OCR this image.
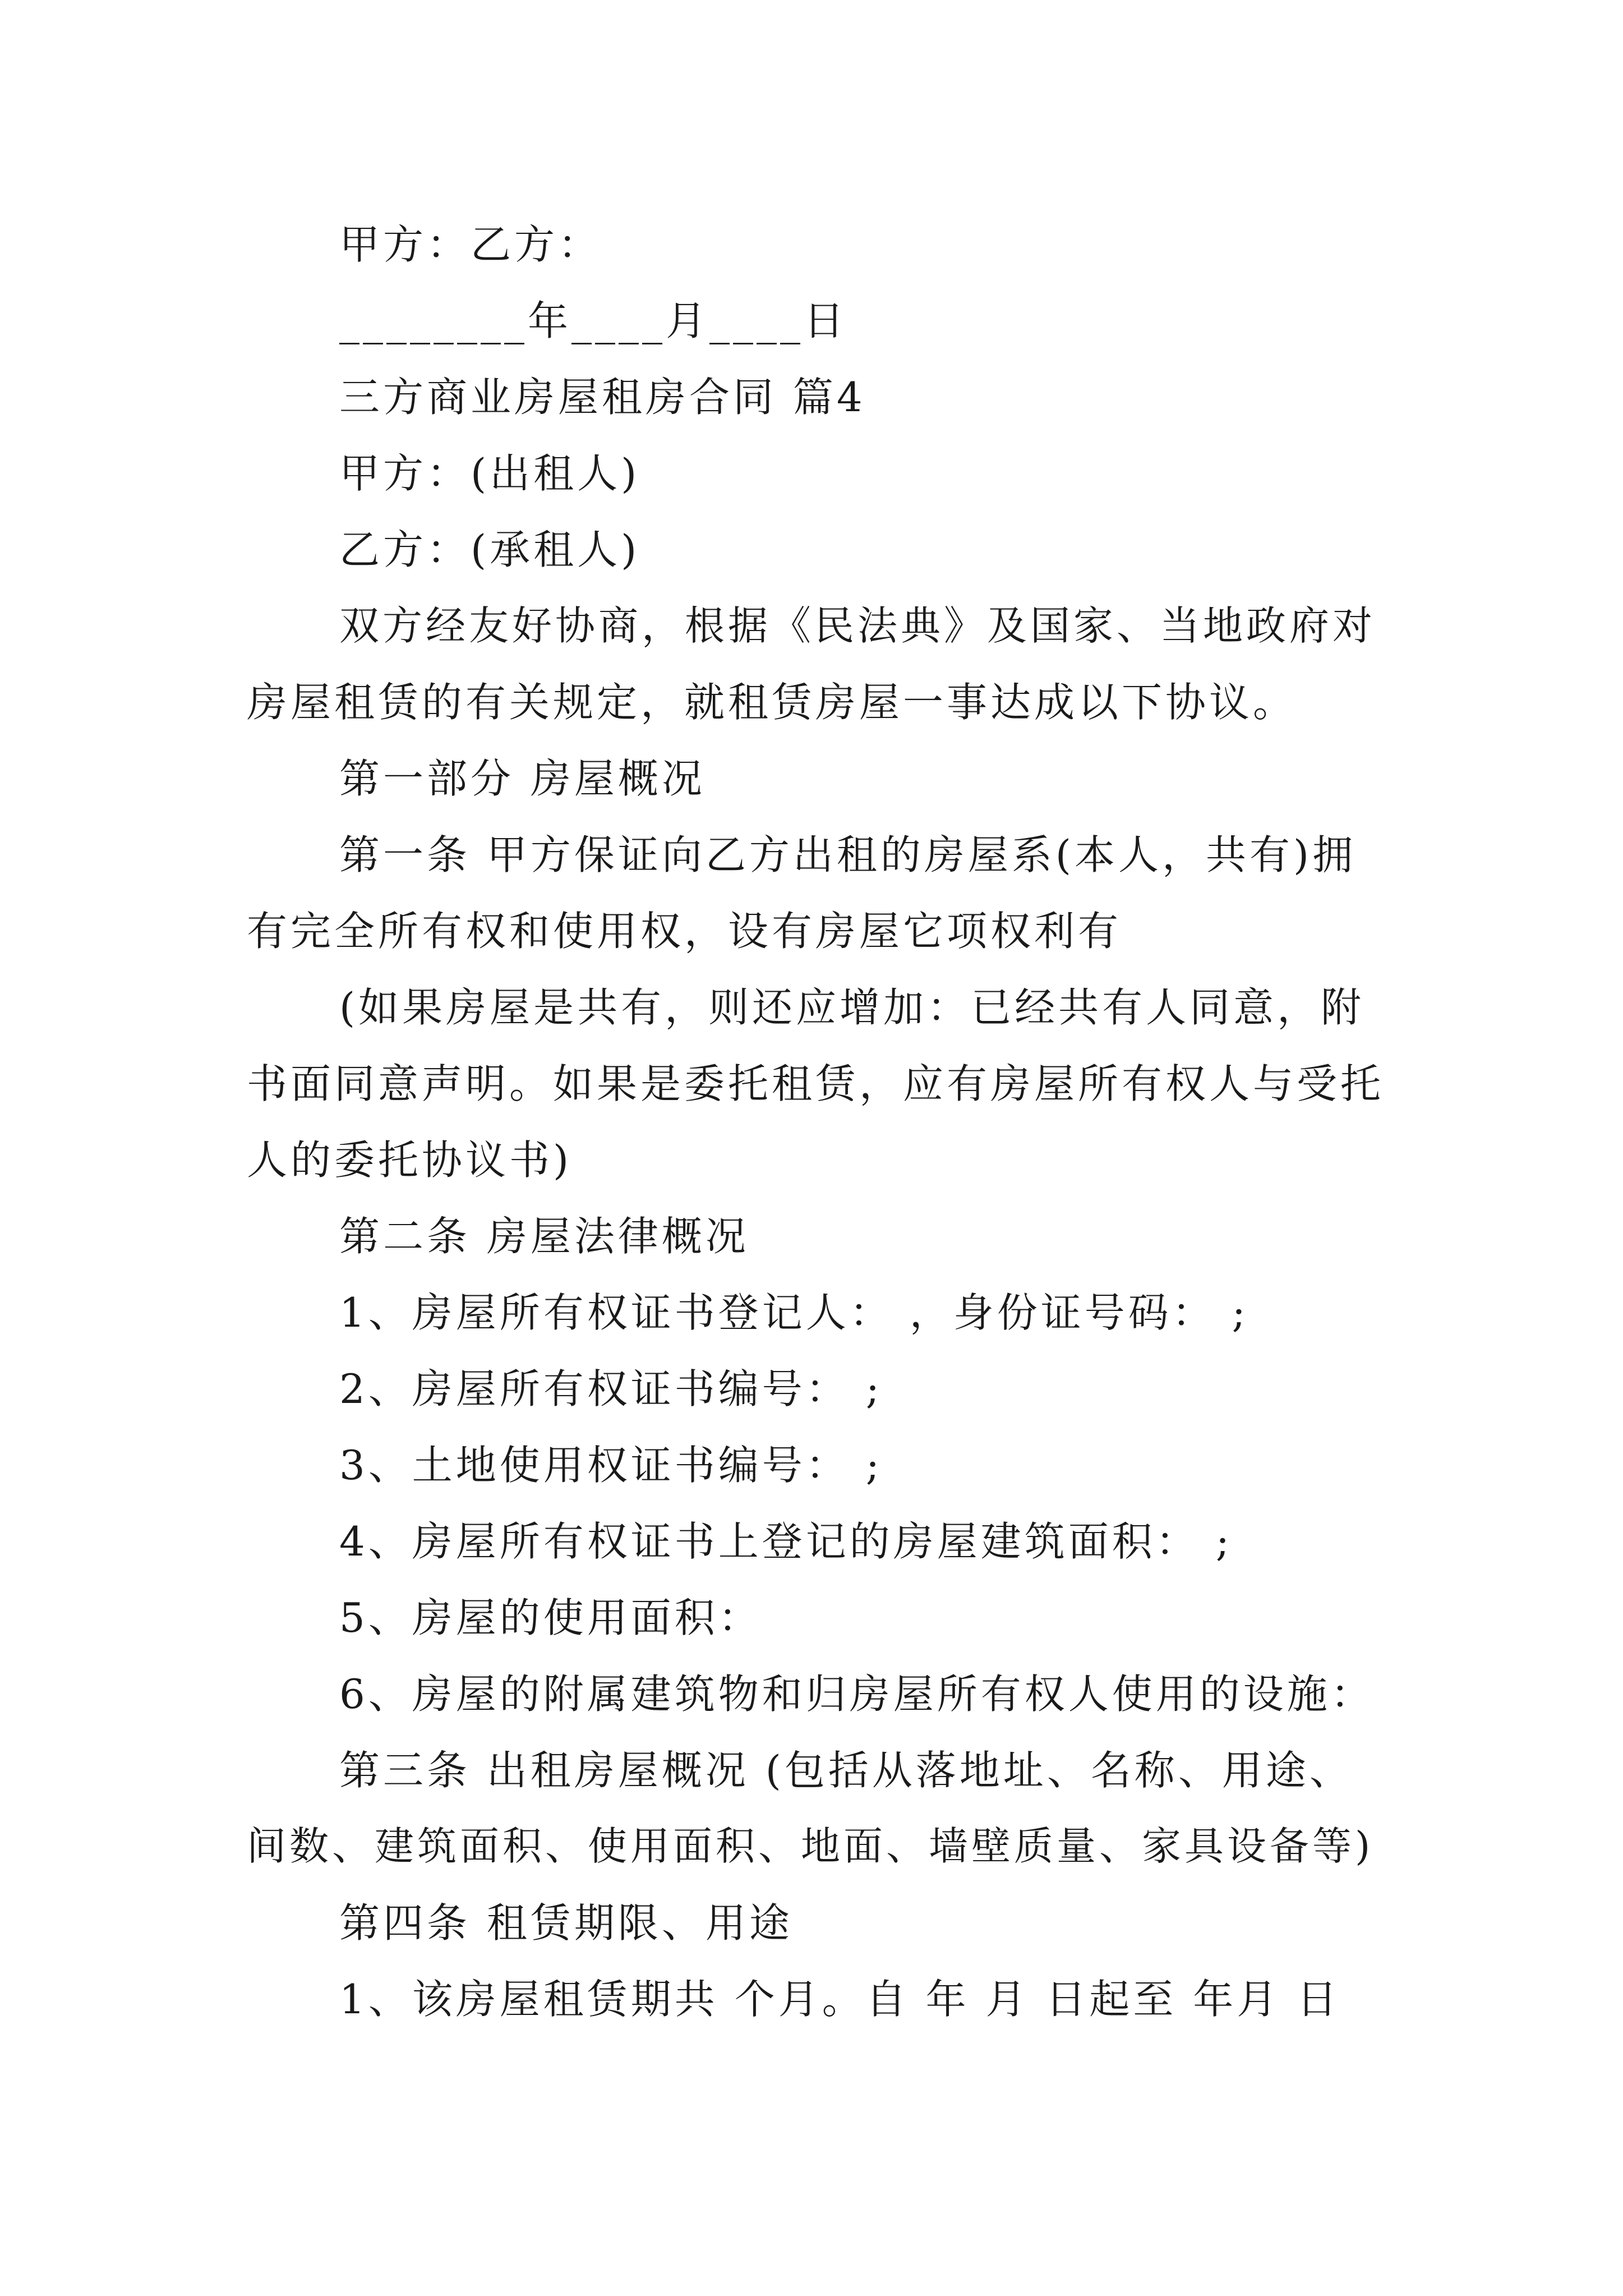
甲方：乙方：
________年____月____日
三方商业房屋租房合同 篇4
甲方：(出租人)
乙方：(承租人)
双方经友好协商，根据《民法典》及国家、当地政府对
房屋租赁的有关规定，就租赁房屋一事达成以下协议。
第一部分 房屋概况
第一条 甲方保证向乙方出租的房屋系(本人，共有)拥
有完全所有权和使用权，设有房屋它项权利有
(如果房屋是共有，则还应增加：已经共有人同意，附
书面同意声明。如果是委托租赁，应有房屋所有权人与受托
人的委托协议书)
第二条 房屋法律概况
1、房屋所有权证书登记人： ，身份证号码： ;
2、房屋所有权证书编号： ;
3、土地使用权证书编号： ;
4、房屋所有权证书上登记的房屋建筑面积： ;
5、房屋的使用面积：
6、房屋的附属建筑物和归房屋所有权人使用的设施：
第三条 出租房屋概况 (包括从落地址、名称、用途、
间数、建筑面积、使用面积、地面、墙壁质量、家具设备等)
第四条 租赁期限、用途
1、该房屋租赁期共 个月。自 年 月 日起至 年月 日
